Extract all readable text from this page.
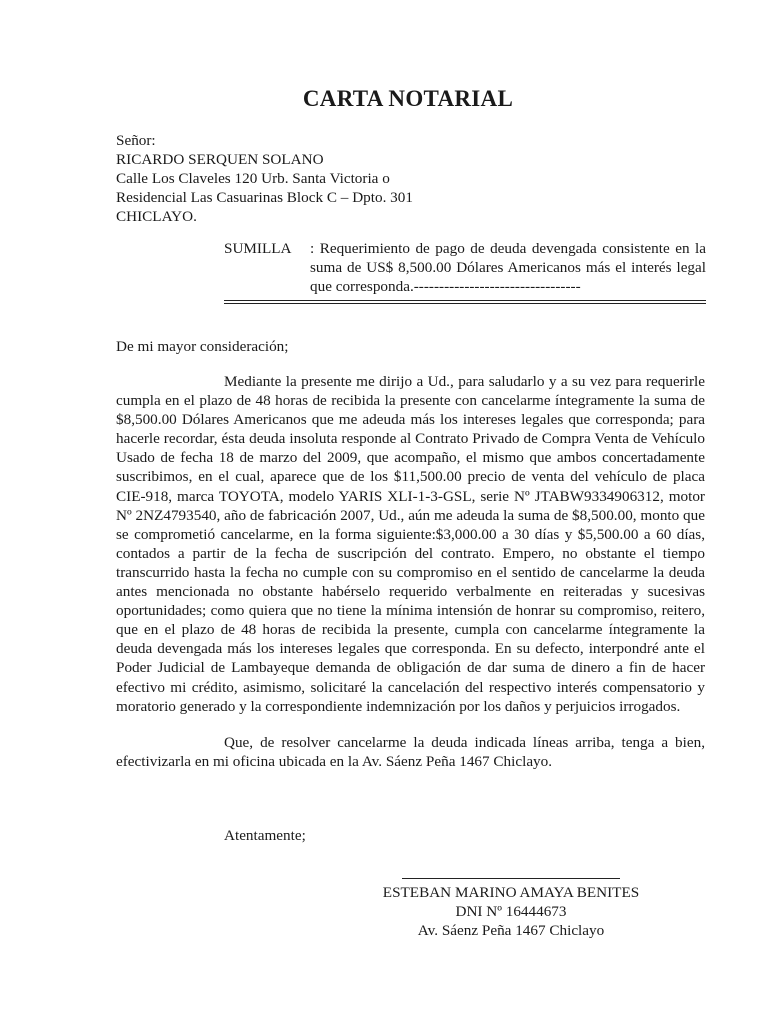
CARTA NOTARIAL
Señor:
RICARDO SERQUEN SOLANO
Calle Los Claveles 120 Urb. Santa Victoria o
Residencial Las Casuarinas Block C – Dpto. 301
CHICLAYO.
SUMILLA	: Requerimiento de pago de deuda devengada consistente en la suma de US$ 8,500.00 Dólares Americanos más el interés legal que corresponda.---------------------------------
De mi mayor consideración;

Mediante la presente me dirijo a Ud., para saludarlo y a su vez para requerirle cumpla en el plazo de 48 horas de recibida la presente con cancelarme íntegramente la suma de $8,500.00 Dólares Americanos que me adeuda más los intereses legales que corresponda; para hacerle recordar, ésta deuda insoluta responde al Contrato Privado de Compra Venta de Vehículo Usado de fecha 18 de marzo del 2009, que acompaño, el mismo que ambos concertadamente suscribimos, en el cual, aparece que de los $11,500.00 precio de venta del vehículo de placa CIE-918, marca TOYOTA, modelo YARIS XLI-1-3-GSL, serie Nº JTABW9334906312, motor Nº 2NZ4793540, año de fabricación 2007, Ud., aún me adeuda la suma de $8,500.00, monto que se comprometió cancelarme, en la forma siguiente:$3,000.00 a 30 días y $5,500.00 a 60 días, contados a partir de la fecha de suscripción del contrato. Empero, no obstante el tiempo transcurrido hasta la fecha no cumple con su compromiso en el sentido de cancelarme la deuda antes mencionada no obstante habérselo requerido verbalmente en reiteradas y sucesivas oportunidades; como quiera que no tiene la mínima intensión de honrar su compromiso, reitero, que en el plazo de 48 horas de recibida la presente, cumpla con cancelarme íntegramente la deuda devengada más los intereses legales que corresponda. En su defecto, interpondré ante el Poder Judicial de Lambayeque demanda de obligación de dar suma de dinero a fin de hacer efectivo mi crédito, asimismo, solicitaré la cancelación del respectivo interés compensatorio y moratorio generado y la correspondiente indemnización por los daños y perjuicios irrogados.

Que, de resolver cancelarme la deuda indicada líneas arriba, tenga a bien, efectivizarla en mi oficina ubicada en la Av. Sáenz Peña 1467 Chiclayo.

Atentamente;
ESTEBAN MARINO AMAYA BENITES
DNI Nº 16444673
Av. Sáenz Peña 1467 Chiclayo
